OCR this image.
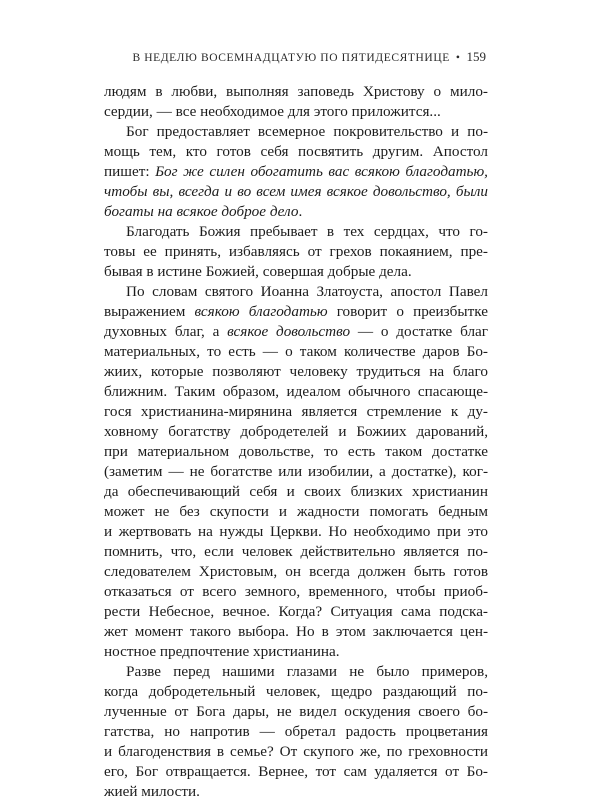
В НЕДЕЛЮ ВОСЕМНАДЦАТУЮ ПО ПЯТИДЕСЯТНИЦЕ • 159
людям в любви, выполняя заповедь Христову о мило-
сердии, — все необходимое для этого приложится...
Бог предоставляет всемерное покровительство и по-
мощь тем, кто готов себя посвятить другим. Апостол
пишет: Бог же силен обогатить вас всякою благодатью,
чтобы вы, всегда и во всем имея всякое довольство, были
богаты на всякое доброе дело.
Благодать Божия пребывает в тех сердцах, что го-
товы ее принять, избавляясь от грехов покаянием, пре-
бывая в истине Божией, совершая добрые дела.
По словам святого Иоанна Златоуста, апостол Павел
выражением всякою благодатью говорит о преизбытке
духовных благ, а всякое довольство — о достатке благ
материальных, то есть — о таком количестве даров Бо-
жиих, которые позволяют человеку трудиться на благо
ближним. Таким образом, идеалом обычного спасающе-
гося христианина-мирянина является стремление к ду-
ховному богатству добродетелей и Божиих дарований,
при материальном довольстве, то есть таком достатке
(заметим — не богатстве или изобилии, а достатке), ког-
да обеспечивающий себя и своих близких христианин
может не без скупости и жадности помогать бедным
и жертвовать на нужды Церкви. Но необходимо при это
помнить, что, если человек действительно является по-
следователем Христовым, он всегда должен быть готов
отказаться от всего земного, временного, чтобы приоб-
рести Небесное, вечное. Когда? Ситуация сама подска-
жет момент такого выбора. Но в этом заключается цен-
ностное предпочтение христианина.
Разве перед нашими глазами не было примеров,
когда добродетельный человек, щедро раздающий по-
лученные от Бога дары, не видел оскудения своего бо-
гатства, но напротив — обретал радость процветания
и благоденствия в семье? От скупого же, по греховности
его, Бог отвращается. Вернее, тот сам удаляется от Бо-
жией милости.
